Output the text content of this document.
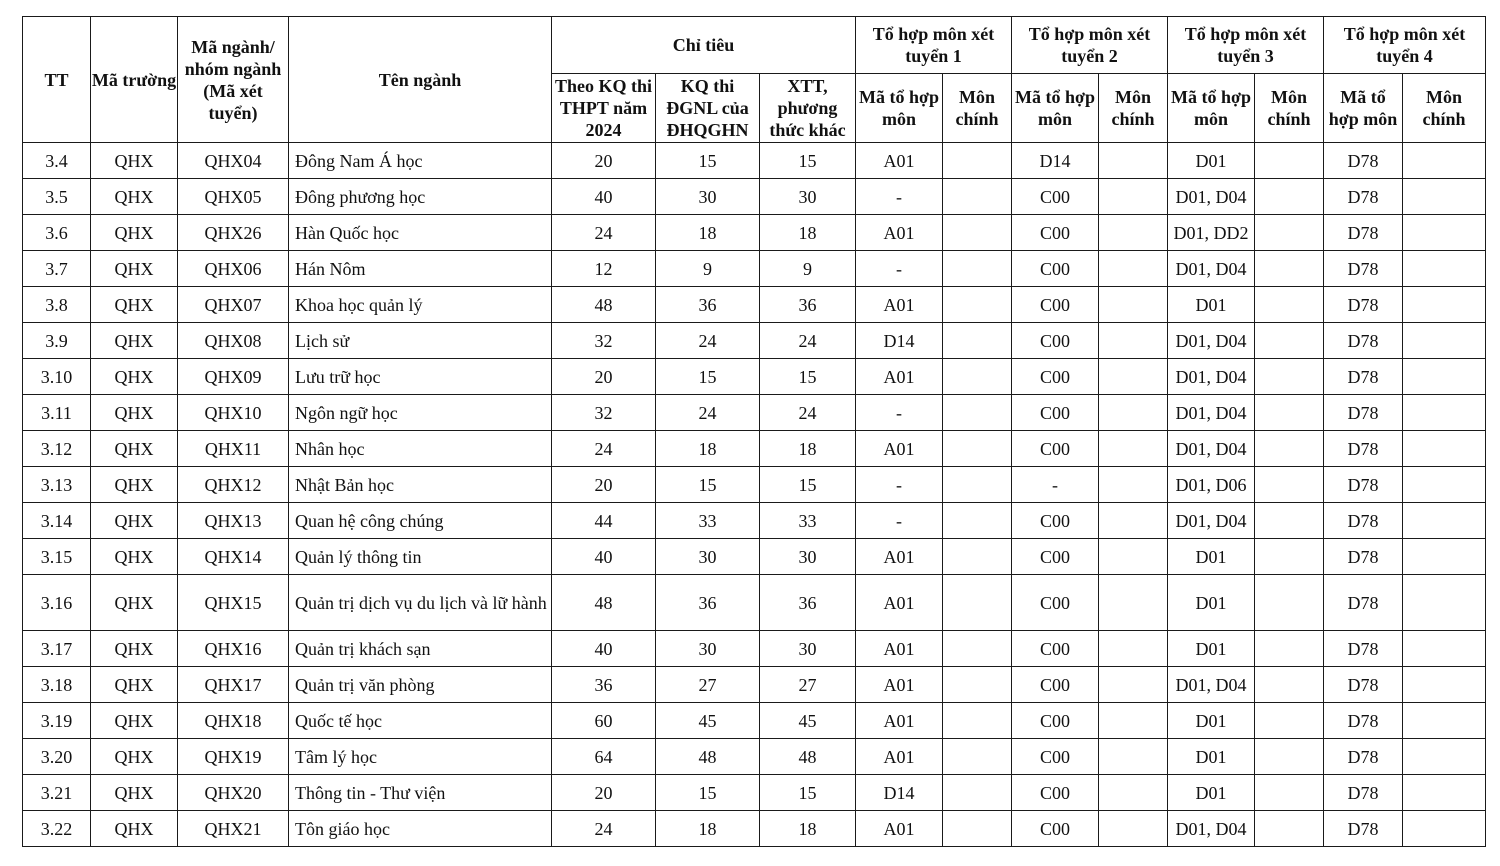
TT	Mã trường	Mã ngành/ nhóm ngành (Mã xét tuyển)	Tên ngành	Chỉ tiêu			Tổ hợp môn xét tuyển 1		Tổ hợp môn xét tuyển 2		Tổ hợp môn xét tuyển 3		Tổ hợp môn xét tuyển 4	
				Theo KQ thi THPT năm 2024	KQ thi ĐGNL của ĐHQGHN	XTT, phương thức khác	Mã tổ hợp môn	Môn chính	Mã tổ hợp môn	Môn chính	Mã tổ hợp môn	Môn chính	Mã tổ hợp môn	Môn chính
3.4	QHX	QHX04	Đông Nam Á học	20	15	15	A01		D14		D01		D78	
3.5	QHX	QHX05	Đông phương học	40	30	30	-		C00		D01, D04		D78	
3.6	QHX	QHX26	Hàn Quốc học	24	18	18	A01		C00		D01, DD2		D78	
3.7	QHX	QHX06	Hán Nôm	12	9	9	-		C00		D01, D04		D78	
3.8	QHX	QHX07	Khoa học quản lý	48	36	36	A01		C00		D01		D78	
3.9	QHX	QHX08	Lịch sử	32	24	24	D14		C00		D01, D04		D78	
3.10	QHX	QHX09	Lưu trữ học	20	15	15	A01		C00		D01, D04		D78	
3.11	QHX	QHX10	Ngôn ngữ học	32	24	24	-		C00		D01, D04		D78	
3.12	QHX	QHX11	Nhân học	24	18	18	A01		C00		D01, D04		D78	
3.13	QHX	QHX12	Nhật Bản học	20	15	15	-		-		D01, D06		D78	
3.14	QHX	QHX13	Quan hệ công chúng	44	33	33	-		C00		D01, D04		D78	
3.15	QHX	QHX14	Quản lý thông tin	40	30	30	A01		C00		D01		D78	
3.16	QHX	QHX15	Quản trị dịch vụ du lịch và lữ hành	48	36	36	A01		C00		D01		D78	
3.17	QHX	QHX16	Quản trị khách sạn	40	30	30	A01		C00		D01		D78	
3.18	QHX	QHX17	Quản trị văn phòng	36	27	27	A01		C00		D01, D04		D78	
3.19	QHX	QHX18	Quốc tế học	60	45	45	A01		C00		D01		D78	
3.20	QHX	QHX19	Tâm lý học	64	48	48	A01		C00		D01		D78	
3.21	QHX	QHX20	Thông tin - Thư viện	20	15	15	D14		C00		D01		D78	
3.22	QHX	QHX21	Tôn giáo học	24	18	18	A01		C00		D01, D04		D78	
